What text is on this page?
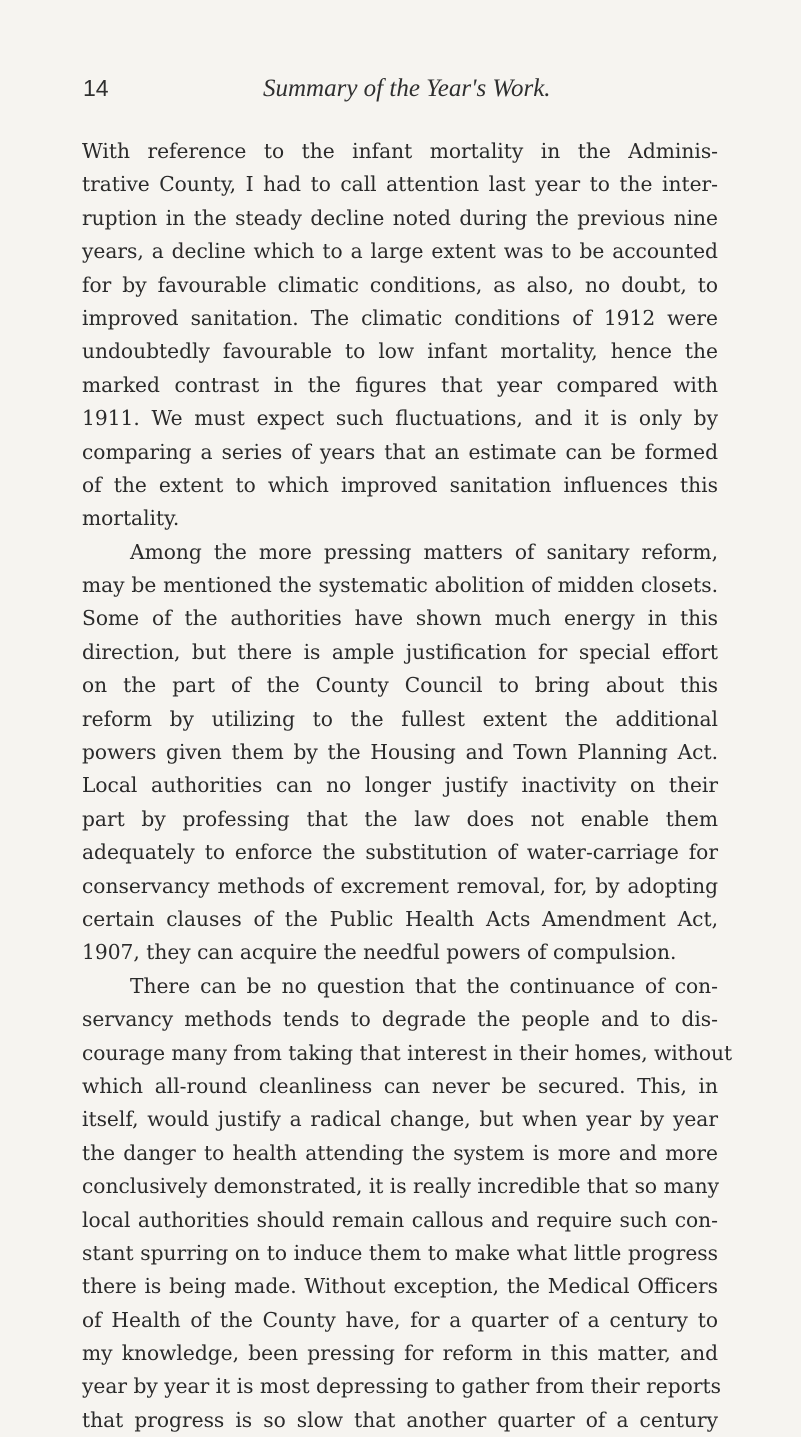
14	Summary of the Year's Work.
With reference to the infant mortality in the Adminis-
trative County, I had to call attention last year to the inter-
ruption in the steady decline noted during the previous nine
years, a decline which to a large extent was to be accounted
for by favourable climatic conditions, as also, no doubt, to
improved sanitation. The climatic conditions of 1912 were
undoubtedly favourable to low infant mortality, hence the
marked contrast in the figures that year compared with
1911. We must expect such fluctuations, and it is only by
comparing a series of years that an estimate can be formed
of the extent to which improved sanitation influences this
mortality.
Among the more pressing matters of sanitary reform,
may be mentioned the systematic abolition of midden closets.
Some of the authorities have shown much energy in this
direction, but there is ample justification for special effort
on the part of the County Council to bring about this
reform by utilizing to the fullest extent the additional
powers given them by the Housing and Town Planning Act.
Local authorities can no longer justify inactivity on their
part by professing that the law does not enable them
adequately to enforce the substitution of water-carriage for
conservancy methods of excrement removal, for, by adopting
certain clauses of the Public Health Acts Amendment Act,
1907, they can acquire the needful powers of compulsion.
There can be no question that the continuance of con-
servancy methods tends to degrade the people and to dis-
courage many from taking that interest in their homes, without
which all-round cleanliness can never be secured. This, in
itself, would justify a radical change, but when year by year
the danger to health attending the system is more and more
conclusively demonstrated, it is really incredible that so many
local authorities should remain callous and require such con-
stant spurring on to induce them to make what little progress
there is being made. Without exception, the Medical Officers
of Health of the County have, for a quarter of a century to
my knowledge, been pressing for reform in this matter, and
year by year it is most depressing to gather from their reports
that progress is so slow that another quarter of a century
